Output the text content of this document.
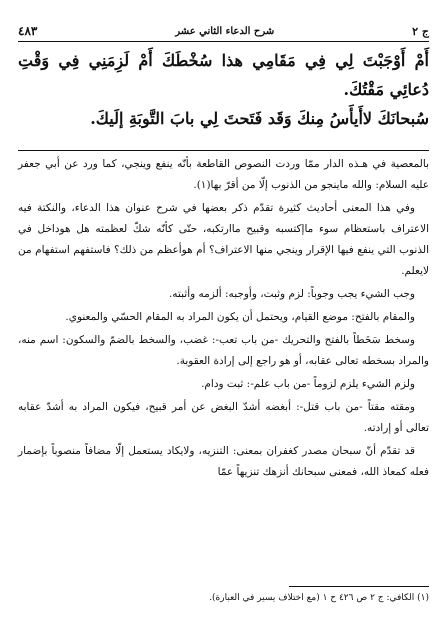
ج ٢
شرح الدعاء الثاني عشر
٤٨٣

أَمْ أَوْجَبْتَ لِي فِي مَقَامِي هذا سُخْطَكَ أَمْ لَزِمَنِي فِي وَقْتِ دُعائِي مَقْتُكَ.

سُبحانَكَ لاأَيأَسُ مِنكَ وَقَد فَتَحتَ لِي بابَ التَّوبَةِ إلَيكَ.

بالمعصية في هـذه الدار ممّا وردت النصوص القاطعة بأنّه ينفع وينجي، كما ورد عن أبي جعفر عليه السلام: والله ماينجو من الذنوب إلّا من أقرّ بها(١).

وفي هذا المعنى أحاديث كثيرة تقدّم ذكر بعضها في شرح عنوان هذا الدعاء، والنكتة فيه الاعتراف باستعظام سوء ماإكتسبه وقبيح ماارتكبه، حتّى كأنّه شكّ لعظمته هل هوداخل في الذنوب التي ينفع فيها الإقرار وينجي منها الاعتراف؟ أم هوأعظم من ذلك؟ فاستفهم استفهام من لايعلم.

وجب الشيء يجب وجوباً: لزم وثبت، وأوجبه: ألزمه وأثبته.

والمقام بالفتح: موضع القيام، ويحتمل أن يكون المراد به المقام الحسّي والمعنوي.

وسخط سَخَطاً بالفتح والتحريك -من باب تعب-: غضب، والسخط بالضمّ والسكون: اسم منه، والمراد بسخطه تعالى عقابه، أو هو راجع إلى إرادة العقوبة.

ولزم الشيء يلزم لزوماً -من باب علم-: ثبت ودام.

ومقته مقتاً -من باب قتل-: أبغضه أشدّ البغض عن أمر قبيح، فيكون المراد به أشدّ عقابه تعالى أو إرادته.

قد تقدّم أنّ سبحان مصدر كغفران بمعنى: التنزيه، ولايكاد يستعمل إلّا مضافاً منصوباً بإضمار فعله كمعاذ الله، فمعنى سبحانك أنزهك تنزيهاً عمّا

(١) الكافي: ج ٢ ص ٤٢٦ ح ١ (مع اختلاف يسير في العبارة).
